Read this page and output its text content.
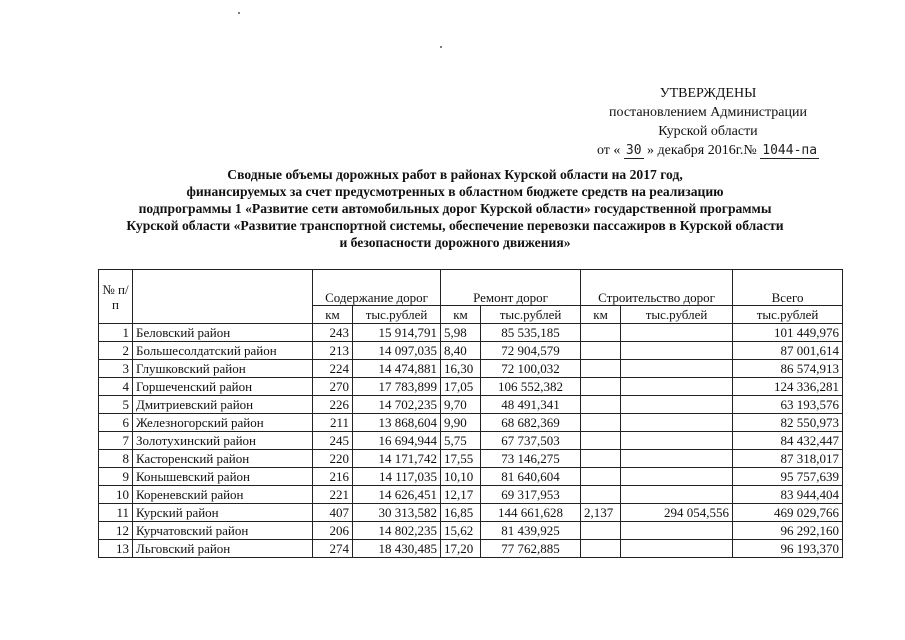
УТВЕРЖДЕНЫ
постановлением Администрации
Курской области
от « 30 » декабря 2016г.№ 1044-па
Сводные объемы дорожных работ в районах Курской области на 2017 год,
финансируемых за счет предусмотренных в областном бюджете средств на реализацию
подпрограммы 1 «Развитие сети автомобильных дорог Курской области» государственной программы
Курской области «Развитие транспортной системы, обеспечение перевозки пассажиров в Курской области
и безопасности дорожного движения»
№ п/п		Содержание дорог		Ремонт дорог		Строительство дорог		Всего
		км	тыс.рублей	км	тыс.рублей	км	тыс.рублей	тыс.рублей
1	Беловский район	243	15 914,791	5,98	85 535,185			101 449,976
2	Большесолдатский район	213	14 097,035	8,40	72 904,579			87 001,614
3	Глушковский район	224	14 474,881	16,30	72 100,032			86 574,913
4	Горшеченский район	270	17 783,899	17,05	106 552,382			124 336,281
5	Дмитриевский район	226	14 702,235	9,70	48 491,341			63 193,576
6	Железногорский район	211	13 868,604	9,90	68 682,369			82 550,973
7	Золотухинский район	245	16 694,944	5,75	67 737,503			84 432,447
8	Касторенский район	220	14 171,742	17,55	73 146,275			87 318,017
9	Конышевский район	216	14 117,035	10,10	81 640,604			95 757,639
10	Кореневский район	221	14 626,451	12,17	69 317,953			83 944,404
11	Курский район	407	30 313,582	16,85	144 661,628	2,137	294 054,556	469 029,766
12	Курчатовский район	206	14 802,235	15,62	81 439,925			96 292,160
13	Льговский район	274	18 430,485	17,20	77 762,885			96 193,370
